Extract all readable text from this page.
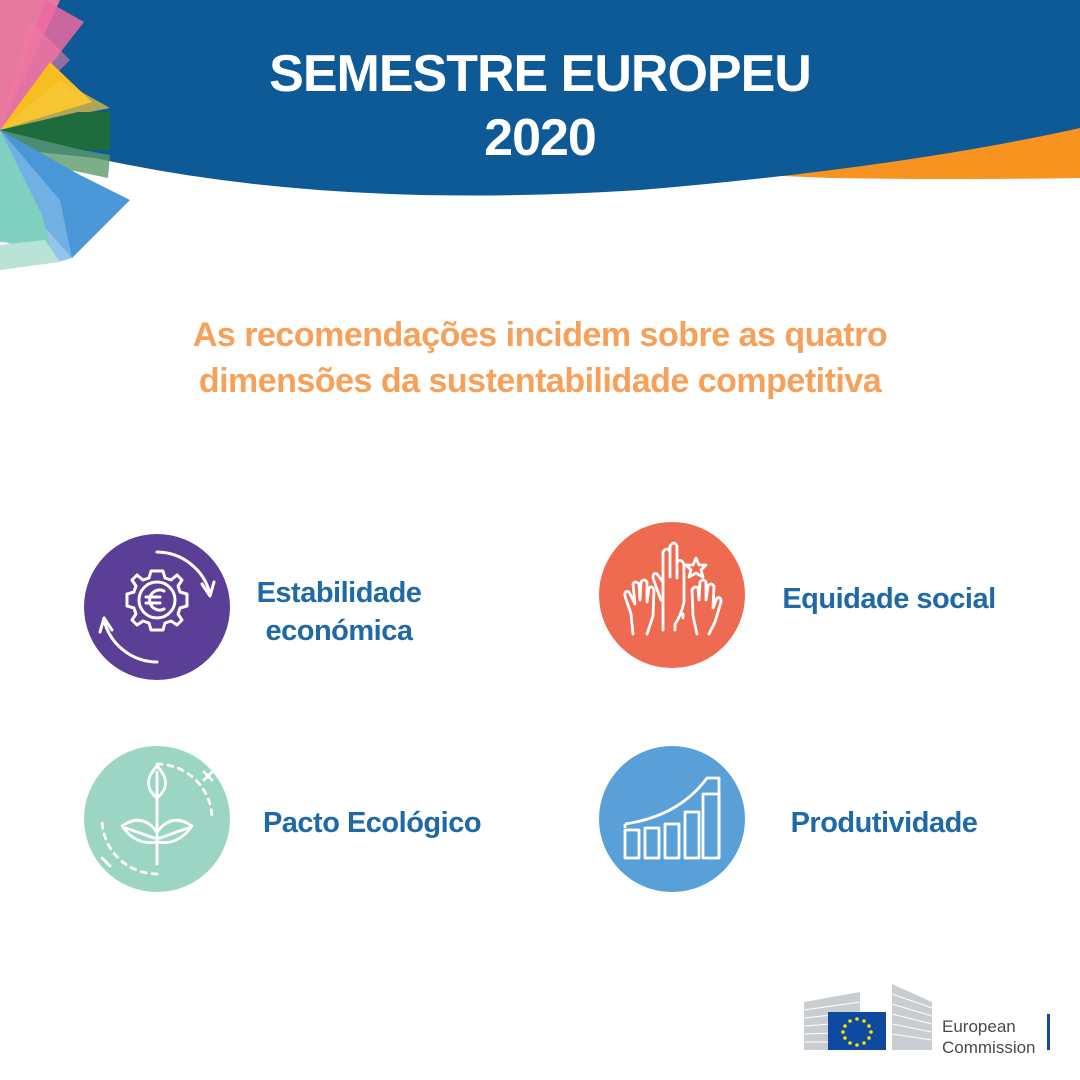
SEMESTRE EUROPEU
2020
As recomendações incidem sobre as quatro
dimensões da sustentabilidade competitiva
Estabilidade
económica
Equidade social
Pacto Ecológico	Produtividade
European
Commission
